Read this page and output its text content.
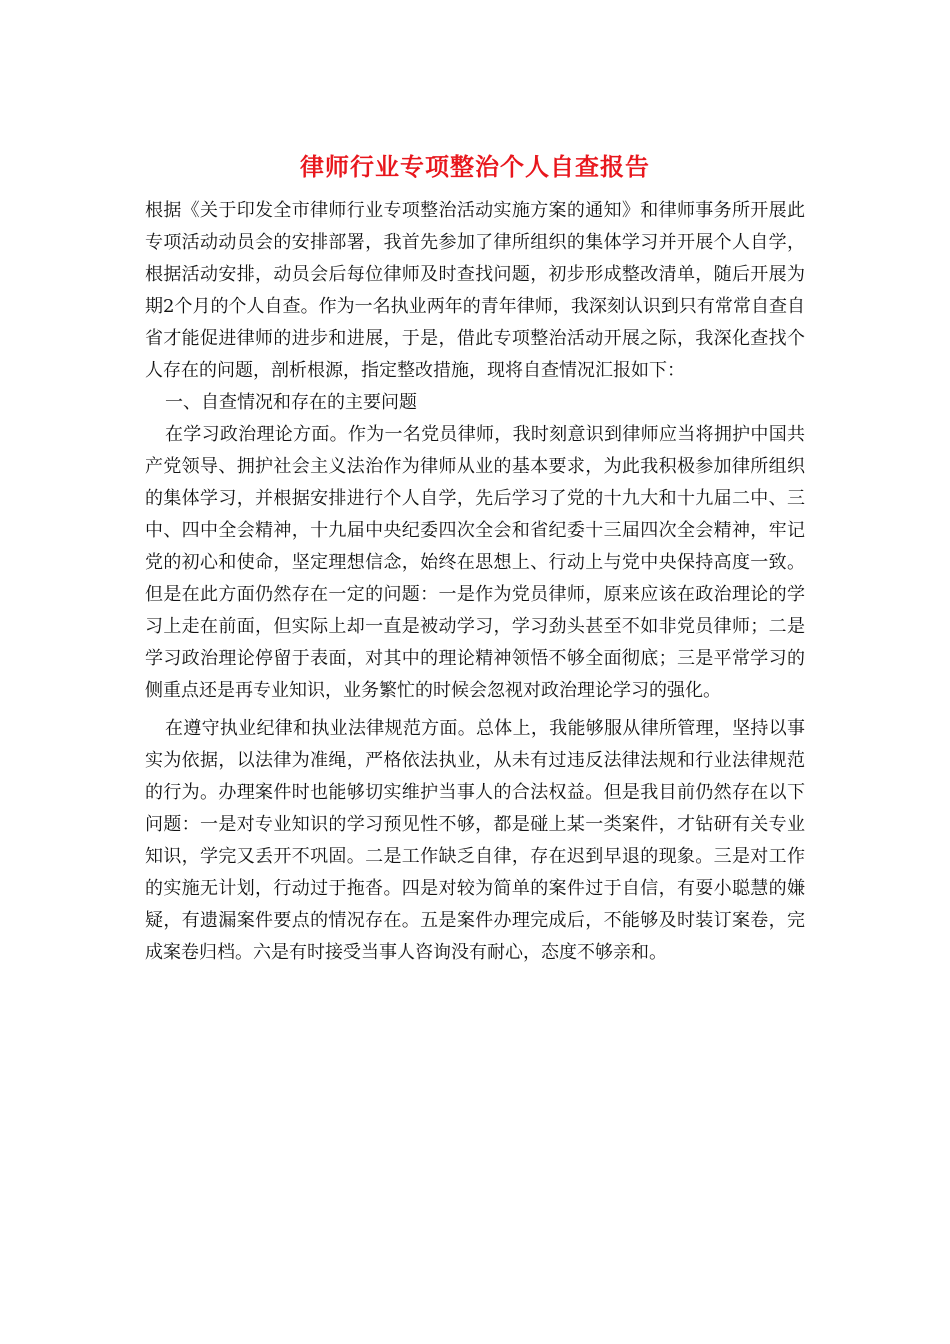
律师行业专项整治个人自查报告

根据《关于印发全市律师行业专项整治活动实施方案的通知》和律师事务所开展此专项活动动员会的安排部署，我首先参加了律所组织的集体学习并开展个人自学，根据活动安排，动员会后每位律师及时查找问题，初步形成整改清单，随后开展为期2个月的个人自查。作为一名执业两年的青年律师，我深刻认识到只有常常自查自省才能促进律师的进步和进展，于是，借此专项整治活动开展之际，我深化查找个人存在的问题，剖析根源，指定整改措施，现将自查情况汇报如下：

一、自查情况和存在的主要问题

在学习政治理论方面。作为一名党员律师，我时刻意识到律师应当将拥护中国共产党领导、拥护社会主义法治作为律师从业的基本要求，为此我积极参加律所组织的集体学习，并根据安排进行个人自学，先后学习了党的十九大和十九届二中、三中、四中全会精神，十九届中央纪委四次全会和省纪委十三届四次全会精神，牢记党的初心和使命，坚定理想信念，始终在思想上、行动上与党中央保持高度一致。但是在此方面仍然存在一定的问题：一是作为党员律师，原来应该在政治理论的学习上走在前面，但实际上却一直是被动学习，学习劲头甚至不如非党员律师；二是学习政治理论停留于表面，对其中的理论精神领悟不够全面彻底；三是平常学习的侧重点还是再专业知识，业务繁忙的时候会忽视对政治理论学习的强化。

在遵守执业纪律和执业法律规范方面。总体上，我能够服从律所管理，坚持以事实为依据，以法律为准绳，严格依法执业，从未有过违反法律法规和行业法律规范的行为。办理案件时也能够切实维护当事人的合法权益。但是我目前仍然存在以下问题：一是对专业知识的学习预见性不够，都是碰上某一类案件，才钻研有关专业知识，学完又丢开不巩固。二是工作缺乏自律，存在迟到早退的现象。三是对工作的实施无计划，行动过于拖沓。四是对较为简单的案件过于自信，有耍小聪慧的嫌疑，有遗漏案件要点的情况存在。五是案件办理完成后，不能够及时装订案卷，完成案卷归档。六是有时接受当事人咨询没有耐心，态度不够亲和。
